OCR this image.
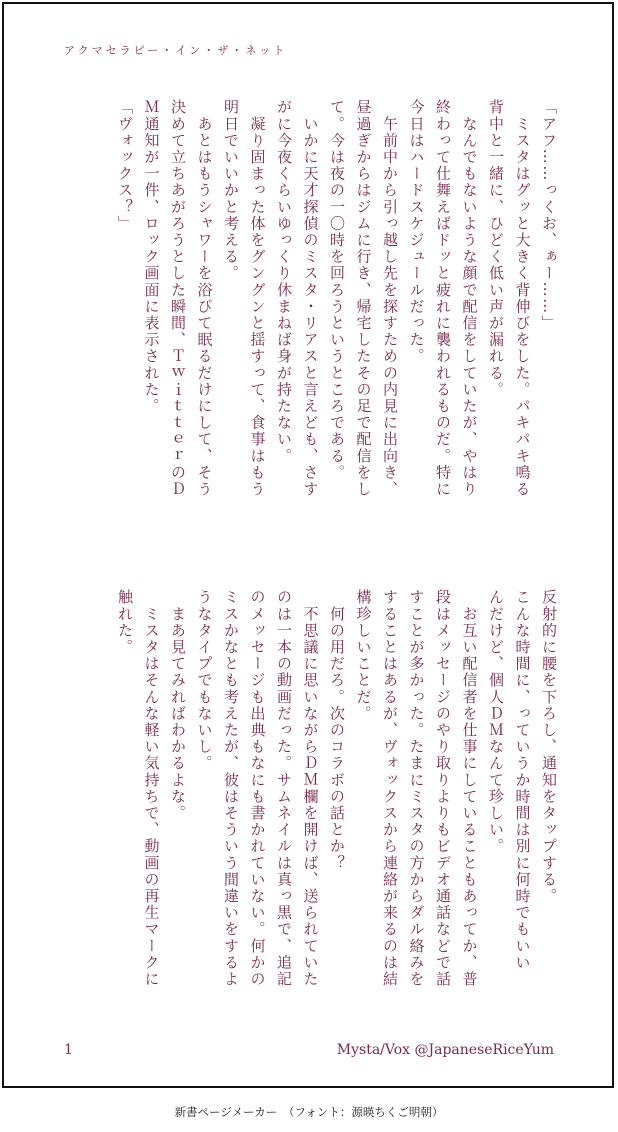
アクマセラピー・イン・ザ・ネット
「アフ……っくお、ぁー……」
　ミスタはグッと大きく背伸びをした。パキパキ鳴る
背中と一緒に、ひどく低い声が漏れる。
　なんでもないような顔で配信をしていたが、やはり
終わって仕舞えばドッと疲れに襲われるものだ。特に
今日はハードスケジュールだった。
　午前中から引っ越し先を探すための内見に出向き、
昼過ぎからはジムに行き、帰宅したその足で配信をし
て。今は夜の一〇時を回ろうというところである。
　いかに天才探偵のミスタ・リアスと言えども、さす
がに今夜くらいゆっくり休まねば身が持たない。
　凝り固まった体をグングンと揺すって、食事はもう
明日でいいかと考える。
　あとはもうシャワーを浴びて眠るだけにして、そう
決めて立ちあがろうとした瞬間、ＴｗｉｔｔｅｒのＤ
Ｍ通知が一件、ロック画面に表示された。
「ヴォックス？」
反射的に腰を下ろし、通知をタップする。
こんな時間に、っていうか時間は別に何時でもいい
んだけど、個人ＤＭなんて珍しい。
　お互い配信者を仕事にしていることもあってか、普
段はメッセージのやり取りよりもビデオ通話などで話
すことが多かった。たまにミスタの方からダル絡みを
することはあるが、ヴォックスから連絡が来るのは結
構珍しいことだ。
　何の用だろ。次のコラボの話とか？
　不思議に思いながらＤＭ欄を開けば、送られていた
のは一本の動画だった。サムネイルは真っ黒で、追記
のメッセージも出典もなにも書かれていない。何かの
ミスかなとも考えたが、彼はそういう間違いをするよ
うなタイプでもないし。
　まあ見てみればわかるよな。
　ミスタはそんな軽い気持ちで、動画の再生マークに
触れた。
1	Mysta/Vox @JapaneseRiceYum
新書ページメーカー　（フォント：源暎ちくご明朝）
